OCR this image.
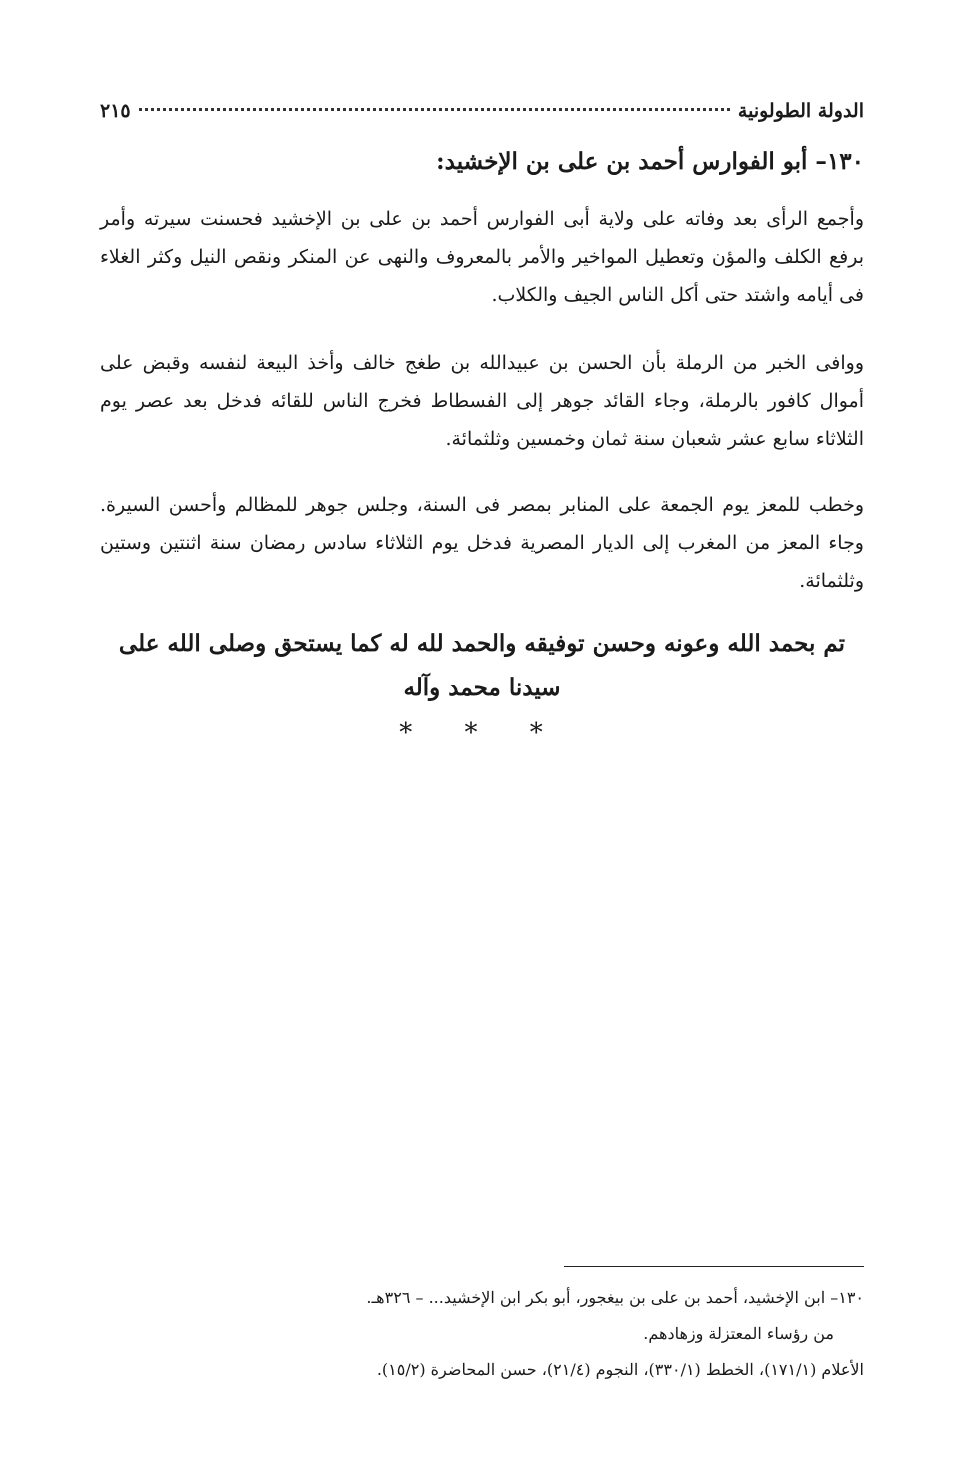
الدولة الطولونية
٢١٥
١٣٠– أبو الفوارس أحمد بن على بن الإخشيد:

وأجمع الرأى بعد وفاته على ولاية أبى الفوارس أحمد بن على بن الإخشيد فحسنت سيرته وأمر برفع الكلف والمؤن وتعطيل المواخير والأمر بالمعروف والنهى عن المنكر ونقص النيل وكثر الغلاء فى أيامه واشتد حتى أكل الناس الجيف والكلاب.

ووافى الخبر من الرملة بأن الحسن بن عبيدالله بن طغج خالف وأخذ البيعة لنفسه وقبض على أموال كافور بالرملة، وجاء القائد جوهر إلى الفسطاط فخرج الناس للقائه فدخل بعد عصر يوم الثلاثاء سابع عشر شعبان سنة ثمان وخمسين وثلثمائة.

وخطب للمعز يوم الجمعة على المنابر بمصر فى السنة، وجلس جوهر للمظالم وأحسن السيرة. وجاء المعز من المغرب إلى الديار المصرية فدخل يوم الثلاثاء سادس رمضان سنة اثنتين وستين وثلثمائة.

تم بحمد الله وعونه وحسن توفيقه والحمد لله له كما يستحق وصلى الله على
سيدنا محمد وآله
* * *
١٣٠– ابن الإخشيد، أحمد بن على بن بيغجور، أبو بكر ابن الإخشيد... – ٣٢٦هـ.
من رؤساء المعتزلة وزهادهم.
الأعلام (١٧١/١)، الخطط (٣٣٠/١)، النجوم (٢١/٤)، حسن المحاضرة (١٥/٢).
